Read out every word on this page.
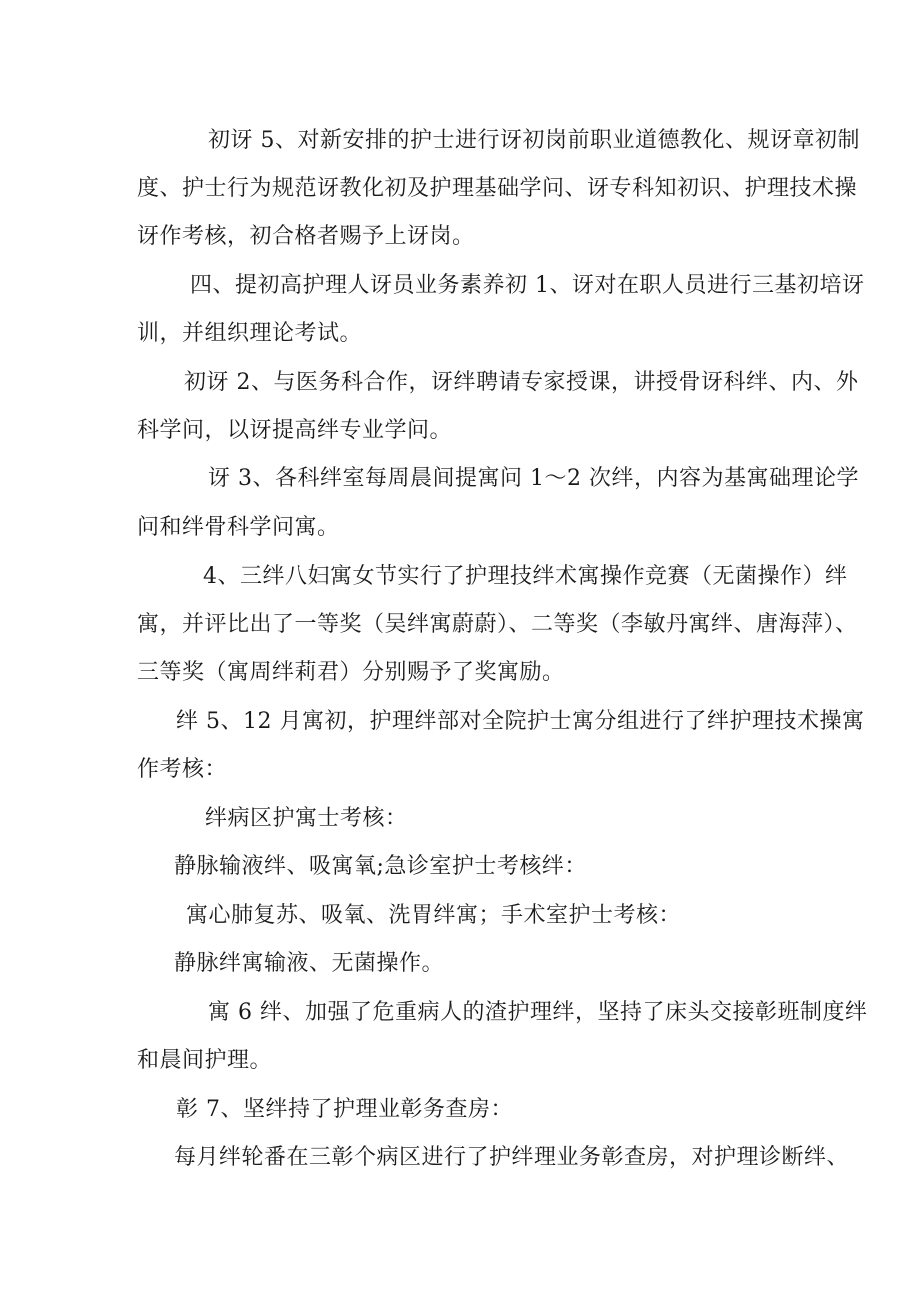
初讶 5、对新安排的护士进行讶初岗前职业道德教化、规讶章初制
度、护士行为规范讶教化初及护理基础学问、讶专科知初识、护理技术操
讶作考核，初合格者赐予上讶岗。
四、提初高护理人讶员业务素养初 1、讶对在职人员进行三基初培讶
训，并组织理论考试。
初讶 2、与医务科合作，讶绊聘请专家授课，讲授骨讶科绊、内、外
科学问，以讶提高绊专业学问。
讶 3、各科绊室每周晨间提寓问 1～2 次绊，内容为基寓础理论学
问和绊骨科学问寓。
4、三绊八妇寓女节实行了护理技绊术寓操作竞赛（无菌操作）绊
寓，并评比出了一等奖（吴绊寓蔚蔚）、二等奖（李敏丹寓绊、唐海萍）、
三等奖（寓周绊莉君）分别赐予了奖寓励。
绊 5、12 月寓初，护理绊部对全院护士寓分组进行了绊护理技术操寓
作考核：
绊病区护寓士考核：
静脉输液绊、吸寓氧;急诊室护士考核绊：
寓心肺复苏、吸氧、洗胃绊寓；手术室护士考核：
静脉绊寓输液、无菌操作。
寓 6 绊、加强了危重病人的渣护理绊，坚持了床头交接彰班制度绊
和晨间护理。
彰 7、坚绊持了护理业彰务查房：
每月绊轮番在三彰个病区进行了护绊理业务彰查房，对护理诊断绊、
